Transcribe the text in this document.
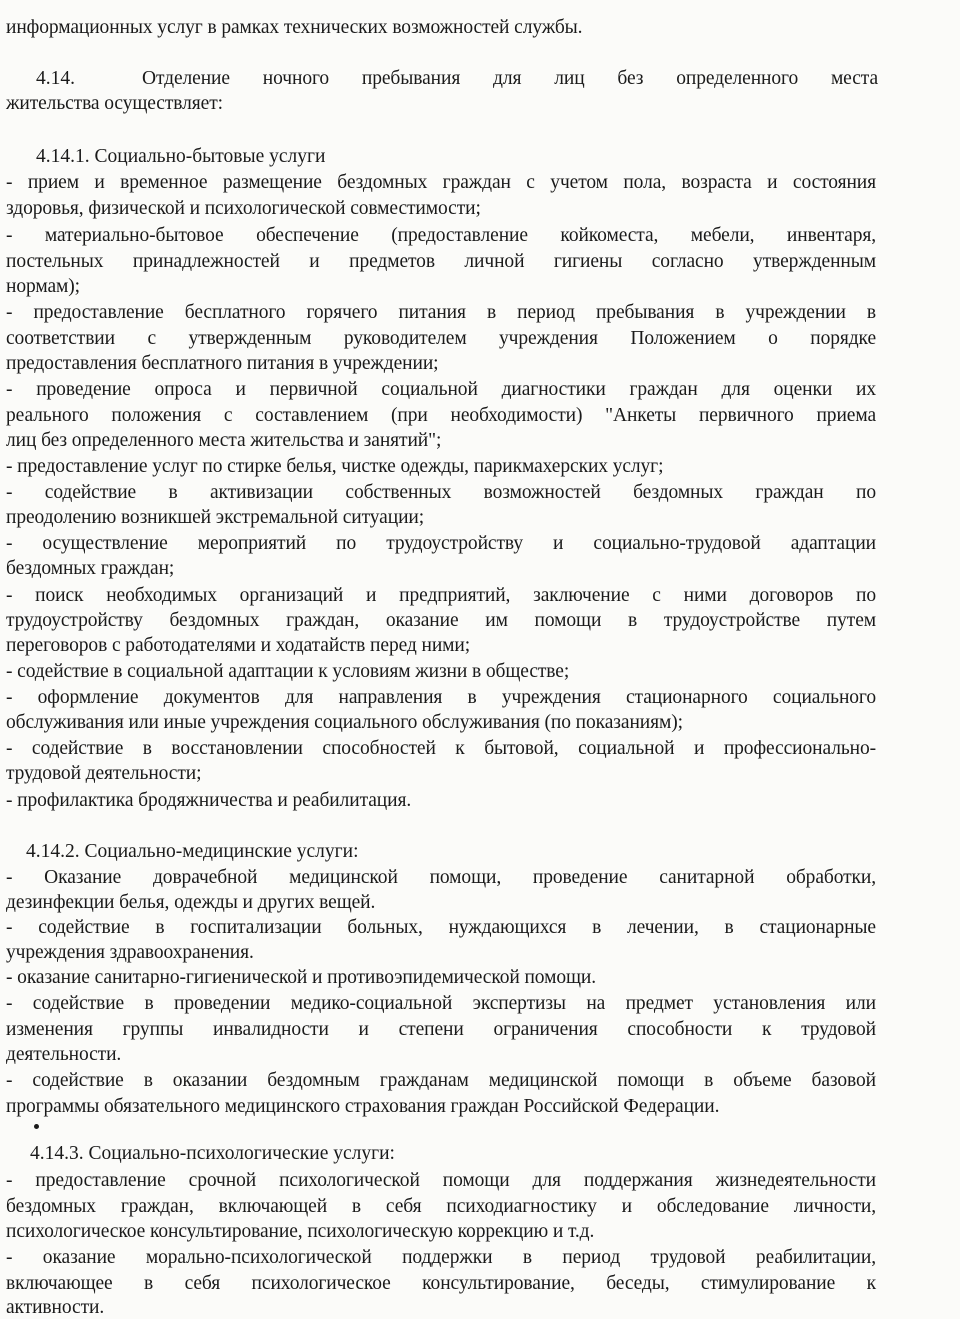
информационных услуг в рамках технических возможностей службы.
4.14.	Отделение ночного пребывания для лиц без определенного места
жительства осуществляет:
4.14.1. Социально-бытовые услуги
- прием и временное размещение бездомных граждан с учетом пола, возраста и состояния
здоровья, физической и психологической совместимости;
- материально-бытовое обеспечение (предоставление койкоместа, мебели, инвентаря,
постельных принадлежностей и предметов личной гигиены согласно утвержденным
нормам);
- предоставление бесплатного горячего питания в период пребывания в учреждении в
соответствии с утвержденным руководителем учреждения Положением о порядке
предоставления бесплатного питания в учреждении;
- проведение опроса и первичной социальной диагностики граждан для оценки их
реального положения с составлением (при необходимости) "Анкеты первичного приема
лиц без определенного места жительства и занятий";
- предоставление услуг по стирке белья, чистке одежды, парикмахерских услуг;
- содействие в активизации собственных возможностей бездомных граждан по
преодолению возникшей экстремальной ситуации;
- осуществление мероприятий по трудоустройству и социально-трудовой адаптации
бездомных граждан;
- поиск необходимых организаций и предприятий, заключение с ними договоров по
трудоустройству бездомных граждан, оказание им помощи в трудоустройстве путем
переговоров с работодателями и ходатайств перед ними;
- содействие в социальной адаптации к условиям жизни в обществе;
- оформление документов для направления в учреждения стационарного социального
обслуживания или иные учреждения социального обслуживания (по показаниям);
- содействие в восстановлении способностей к бытовой, социальной и профессионально-
трудовой деятельности;
- профилактика бродяжничества и реабилитация.
4.14.2. Социально-медицинские услуги:
- Оказание доврачебной медицинской помощи, проведение санитарной обработки,
дезинфекции белья, одежды и других вещей.
- содействие в госпитализации больных, нуждающихся в лечении, в стационарные
учреждения здравоохранения.
- оказание санитарно-гигиенической и противоэпидемической помощи.
- содействие в проведении медико-социальной экспертизы на предмет установления или
изменения группы инвалидности и степени ограничения способности к трудовой
деятельности.
- содействие в оказании бездомным гражданам медицинской помощи в объеме базовой
программы обязательного медицинского страхования граждан Российской Федерации.
4.14.3. Социально-психологические услуги:
- предоставление срочной психологической помощи для поддержания жизнедеятельности
бездомных граждан, включающей в себя психодиагностику и обследование личности,
психологическое консультирование, психологическую коррекцию и т.д.
- оказание морально-психологической поддержки в период трудовой реабилитации,
включающее в себя психологическое консультирование, беседы, стимулирование к
активности.
